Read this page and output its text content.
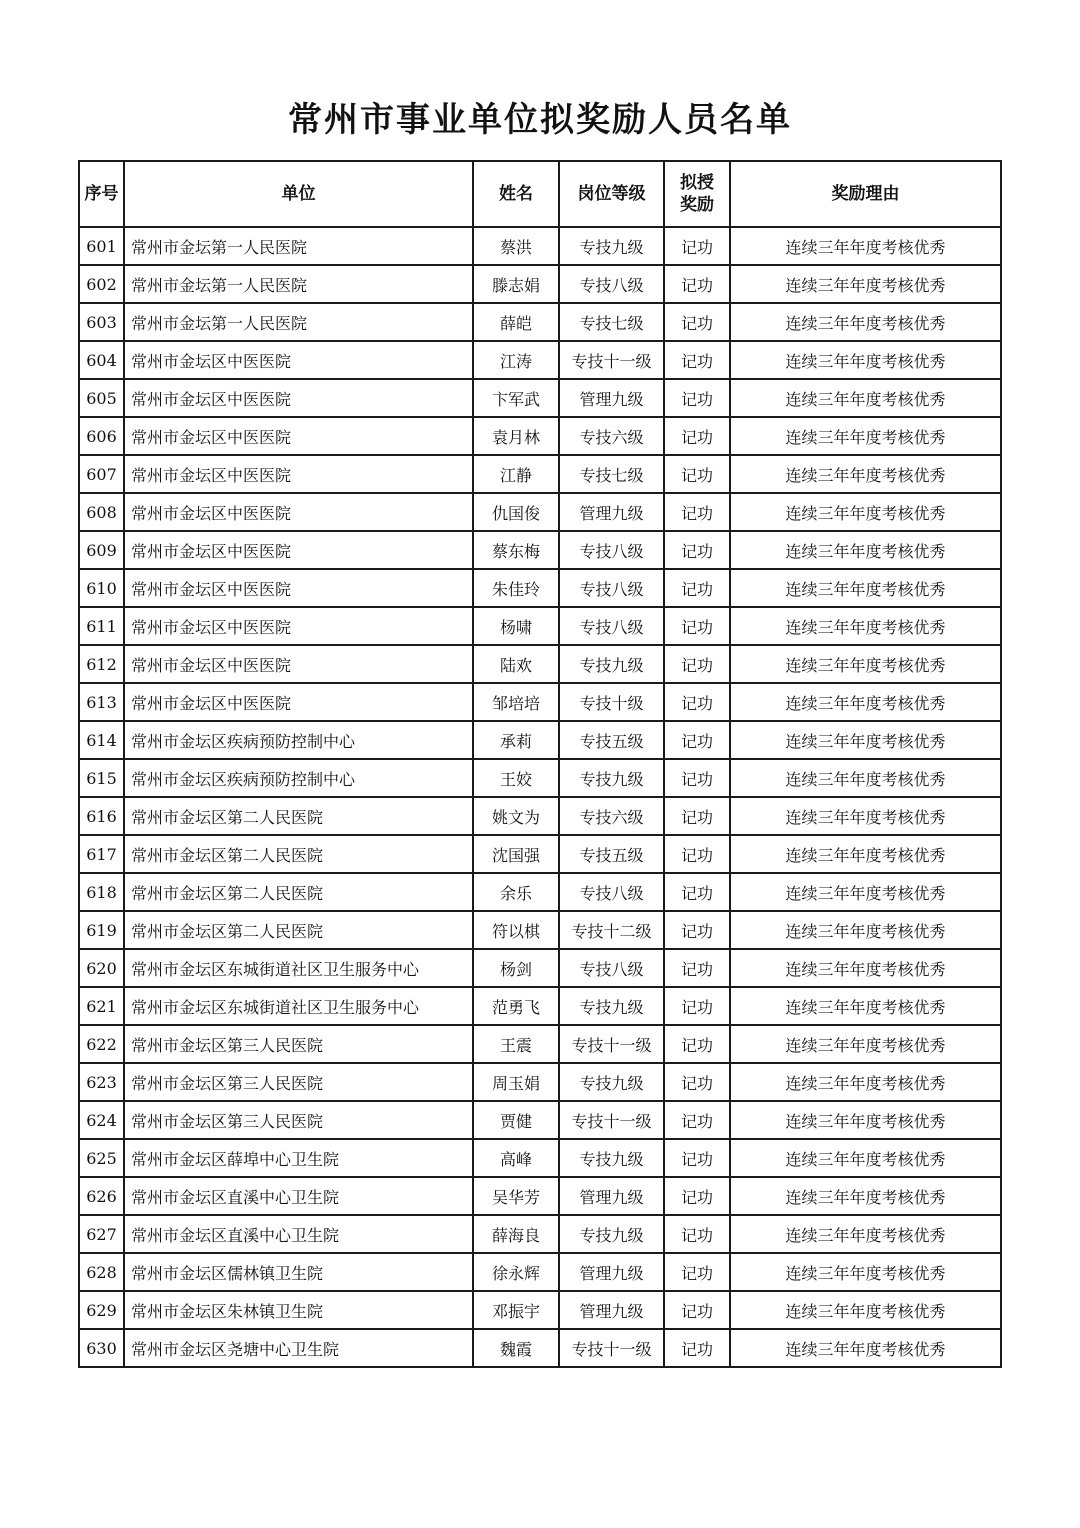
常州市事业单位拟奖励人员名单
序号	单位	姓名	岗位等级	拟授奖励	奖励理由
601	常州市金坛第一人民医院	蔡洪	专技九级	记功	连续三年年度考核优秀
602	常州市金坛第一人民医院	滕志娟	专技八级	记功	连续三年年度考核优秀
603	常州市金坛第一人民医院	薛皑	专技七级	记功	连续三年年度考核优秀
604	常州市金坛区中医医院	江涛	专技十一级	记功	连续三年年度考核优秀
605	常州市金坛区中医医院	卞军武	管理九级	记功	连续三年年度考核优秀
606	常州市金坛区中医医院	袁月林	专技六级	记功	连续三年年度考核优秀
607	常州市金坛区中医医院	江静	专技七级	记功	连续三年年度考核优秀
608	常州市金坛区中医医院	仇国俊	管理九级	记功	连续三年年度考核优秀
609	常州市金坛区中医医院	蔡东梅	专技八级	记功	连续三年年度考核优秀
610	常州市金坛区中医医院	朱佳玲	专技八级	记功	连续三年年度考核优秀
611	常州市金坛区中医医院	杨啸	专技八级	记功	连续三年年度考核优秀
612	常州市金坛区中医医院	陆欢	专技九级	记功	连续三年年度考核优秀
613	常州市金坛区中医医院	邹培培	专技十级	记功	连续三年年度考核优秀
614	常州市金坛区疾病预防控制中心	承莉	专技五级	记功	连续三年年度考核优秀
615	常州市金坛区疾病预防控制中心	王姣	专技九级	记功	连续三年年度考核优秀
616	常州市金坛区第二人民医院	姚文为	专技六级	记功	连续三年年度考核优秀
617	常州市金坛区第二人民医院	沈国强	专技五级	记功	连续三年年度考核优秀
618	常州市金坛区第二人民医院	余乐	专技八级	记功	连续三年年度考核优秀
619	常州市金坛区第二人民医院	符以棋	专技十二级	记功	连续三年年度考核优秀
620	常州市金坛区东城街道社区卫生服务中心	杨剑	专技八级	记功	连续三年年度考核优秀
621	常州市金坛区东城街道社区卫生服务中心	范勇飞	专技九级	记功	连续三年年度考核优秀
622	常州市金坛区第三人民医院	王震	专技十一级	记功	连续三年年度考核优秀
623	常州市金坛区第三人民医院	周玉娟	专技九级	记功	连续三年年度考核优秀
624	常州市金坛区第三人民医院	贾健	专技十一级	记功	连续三年年度考核优秀
625	常州市金坛区薛埠中心卫生院	高峰	专技九级	记功	连续三年年度考核优秀
626	常州市金坛区直溪中心卫生院	吴华芳	管理九级	记功	连续三年年度考核优秀
627	常州市金坛区直溪中心卫生院	薛海良	专技九级	记功	连续三年年度考核优秀
628	常州市金坛区儒林镇卫生院	徐永辉	管理九级	记功	连续三年年度考核优秀
629	常州市金坛区朱林镇卫生院	邓振宇	管理九级	记功	连续三年年度考核优秀
630	常州市金坛区尧塘中心卫生院	魏霞	专技十一级	记功	连续三年年度考核优秀
